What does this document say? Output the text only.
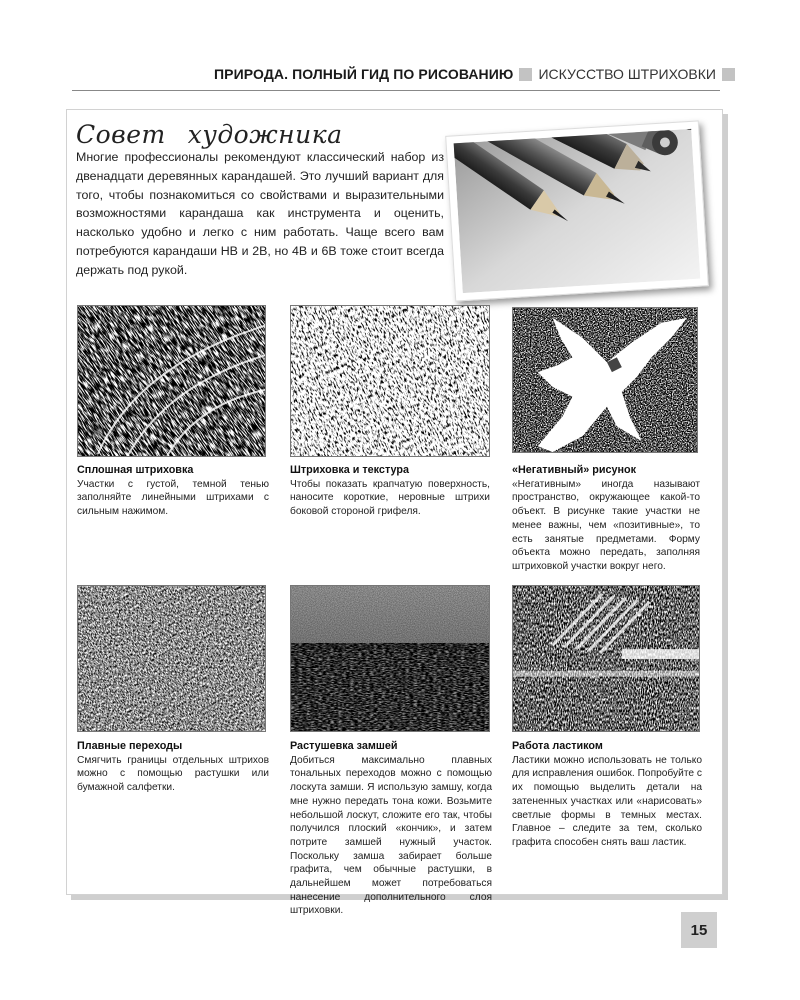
ПРИРОДА. ПОЛНЫЙ ГИД ПО РИСОВАНИЮ ИСКУССТВО ШТРИХОВКИ
Совет художника
Многие профессионалы рекомендуют классический набор из двенадцати деревянных карандашей. Это лучший вариант для того, чтобы познакомиться со свойствами и выразительными возможностями карандаша как инструмента и оценить, насколько удобно и легко с ним работать. Чаще всего вам потребуются карандаши НВ и 2В, но 4В и 6В тоже стоит всегда держать под рукой.
Сплошная штриховка
Участки с густой, темной тенью заполняйте линейными штрихами с сильным нажимом.
Штриховка и текстура
Чтобы показать крапчатую поверхность, наносите короткие, неровные штрихи боковой стороной грифеля.
«Негативный» рисунок
«Негативным» иногда называют пространство, окружающее какой-то объект. В рисунке такие участки не менее важны, чем «позитивные», то есть занятые предметами. Форму объекта можно передать, заполняя штриховкой участки вокруг него.
Плавные переходы
Смягчить границы отдельных штрихов можно с помощью растушки или бумажной салфетки.
Растушевка замшей
Добиться максимально плавных тональных переходов можно с помощью лоскута замши. Я использую замшу, когда мне нужно передать тона кожи. Возьмите небольшой лоскут, сложите его так, чтобы получился плоский «кончик», и затем потрите замшей нужный участок. Поскольку замша забирает больше графита, чем обычные растушки, в дальнейшем может потребоваться нанесение дополнительного слоя штриховки.
Работа ластиком
Ластики можно использовать не только для исправления ошибок. Попробуйте с их помощью выделить детали на затененных участках или «нарисовать» светлые формы в темных местах. Главное – следите за тем, сколько графита способен снять ваш ластик.
15
